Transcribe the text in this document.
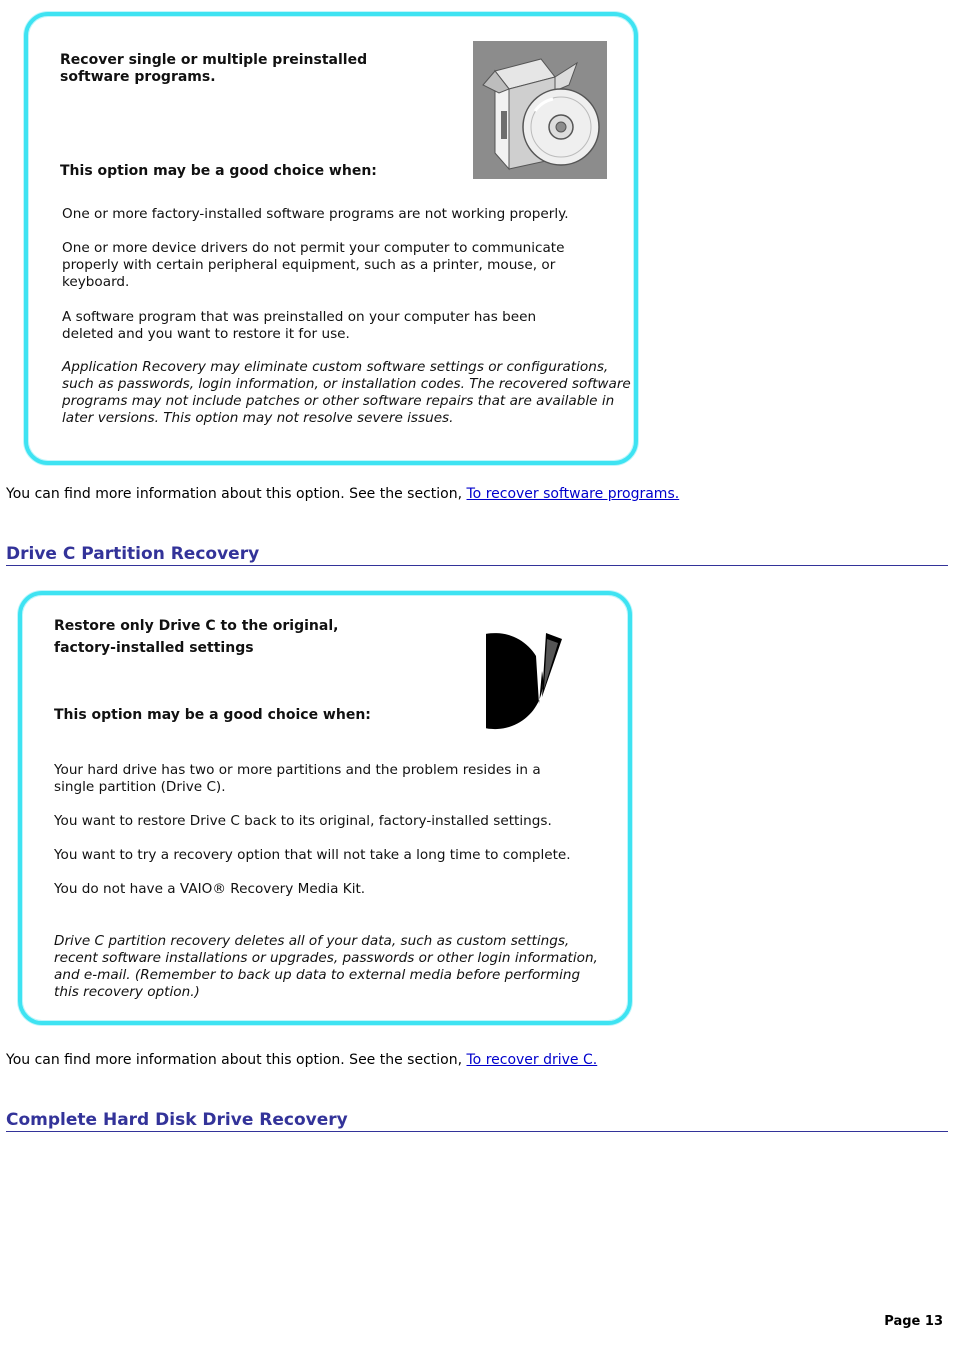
Recover single or multiple preinstalled
software programs.
This option may be a good choice when:
One or more factory-installed software programs are not working properly.
One or more device drivers do not permit your computer to communicate properly with certain peripheral equipment, such as a printer, mouse, or keyboard.
A software program that was preinstalled on your computer has been deleted and you want to restore it for use.
Application Recovery may eliminate custom software settings or configurations, such as passwords, login information, or installation codes. The recovered software programs may not include patches or other software repairs that are available in later versions. This option may not resolve severe issues.
You can find more information about this option. See the section, To recover software programs.
Drive C Partition Recovery
Restore only Drive C to the original,
factory-installed settings
This option may be a good choice when:
Your hard drive has two or more partitions and the problem resides in a single partition (Drive C).
You want to restore Drive C back to its original, factory-installed settings.
You want to try a recovery option that will not take a long time to complete.
You do not have a VAIO® Recovery Media Kit.
Drive C partition recovery deletes all of your data, such as custom settings, recent software installations or upgrades, passwords or other login information, and e-mail. (Remember to back up data to external media before performing this recovery option.)
You can find more information about this option. See the section, To recover drive C.
Complete Hard Disk Drive Recovery
Page 13
